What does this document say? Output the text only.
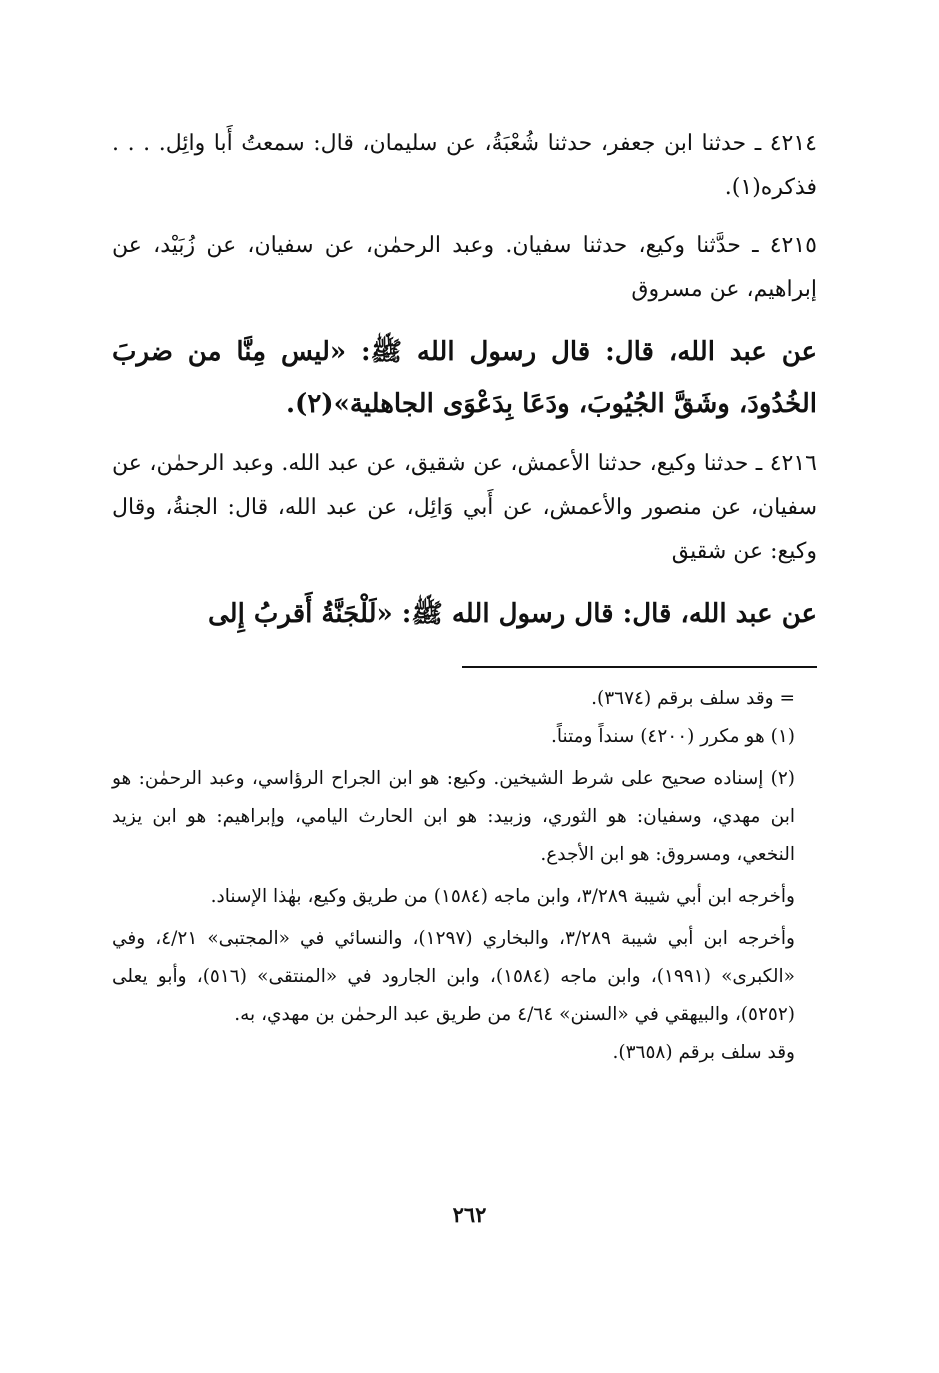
٤٢١٤ ـ حدثنا ابن جعفر، حدثنا شُعْبَةُ، عن سليمان، قال: سمعتُ أَبا وائِل. . . . فذكره(١).

٤٢١٥ ـ حدَّثنا وكيع، حدثنا سفيان. وعبد الرحمٰن، عن سفيان، عن زُبَيْد، عن إبراهيم، عن مسروق

عن عبد الله، قال: قال رسول الله ﷺ: «ليس مِنَّا من ضربَ الخُدُودَ، وشَقَّ الجُيُوبَ، ودَعَا بِدَعْوَى الجاهلية»(٢).

٤٢١٦ ـ حدثنا وكيع، حدثنا الأعمش، عن شقيق، عن عبد الله. وعبد الرحمٰن، عن سفيان، عن منصور والأعمش، عن أَبي وَائِل، عن عبد الله، قال: الجنةُ، وقال وكيع: عن شقيق

عن عبد الله، قال: قال رسول الله ﷺ: «لَلْجَنَّةُ أَقربُ إِلى

= وقد سلف برقم (٣٦٧٤).

(١) هو مكرر (٤٢٠٠) سنداً ومتناً.

(٢) إسناده صحيح على شرط الشيخين. وكيع: هو ابن الجراح الرؤاسي، وعبد الرحمٰن: هو ابن مهدي، وسفيان: هو الثوري، وزبيد: هو ابن الحارث اليامي، وإبراهيم: هو ابن يزيد النخعي، ومسروق: هو ابن الأجدع.

وأخرجه ابن أبي شيبة ٣/٢٨٩، وابن ماجه (١٥٨٤) من طريق وكيع، بهٰذا الإسناد.

وأخرجه ابن أبي شيبة ٣/٢٨٩، والبخاري (١٢٩٧)، والنسائي في «المجتبى» ٤/٢١، وفي «الكبرى» (١٩٩١)، وابن ماجه (١٥٨٤)، وابن الجارود في «المنتقى» (٥١٦)، وأبو يعلى (٥٢٥٢)، والبيهقي في «السنن» ٤/٦٤ من طريق عبد الرحمٰن بن مهدي، به.

وقد سلف برقم (٣٦٥٨).

٢٦٢
